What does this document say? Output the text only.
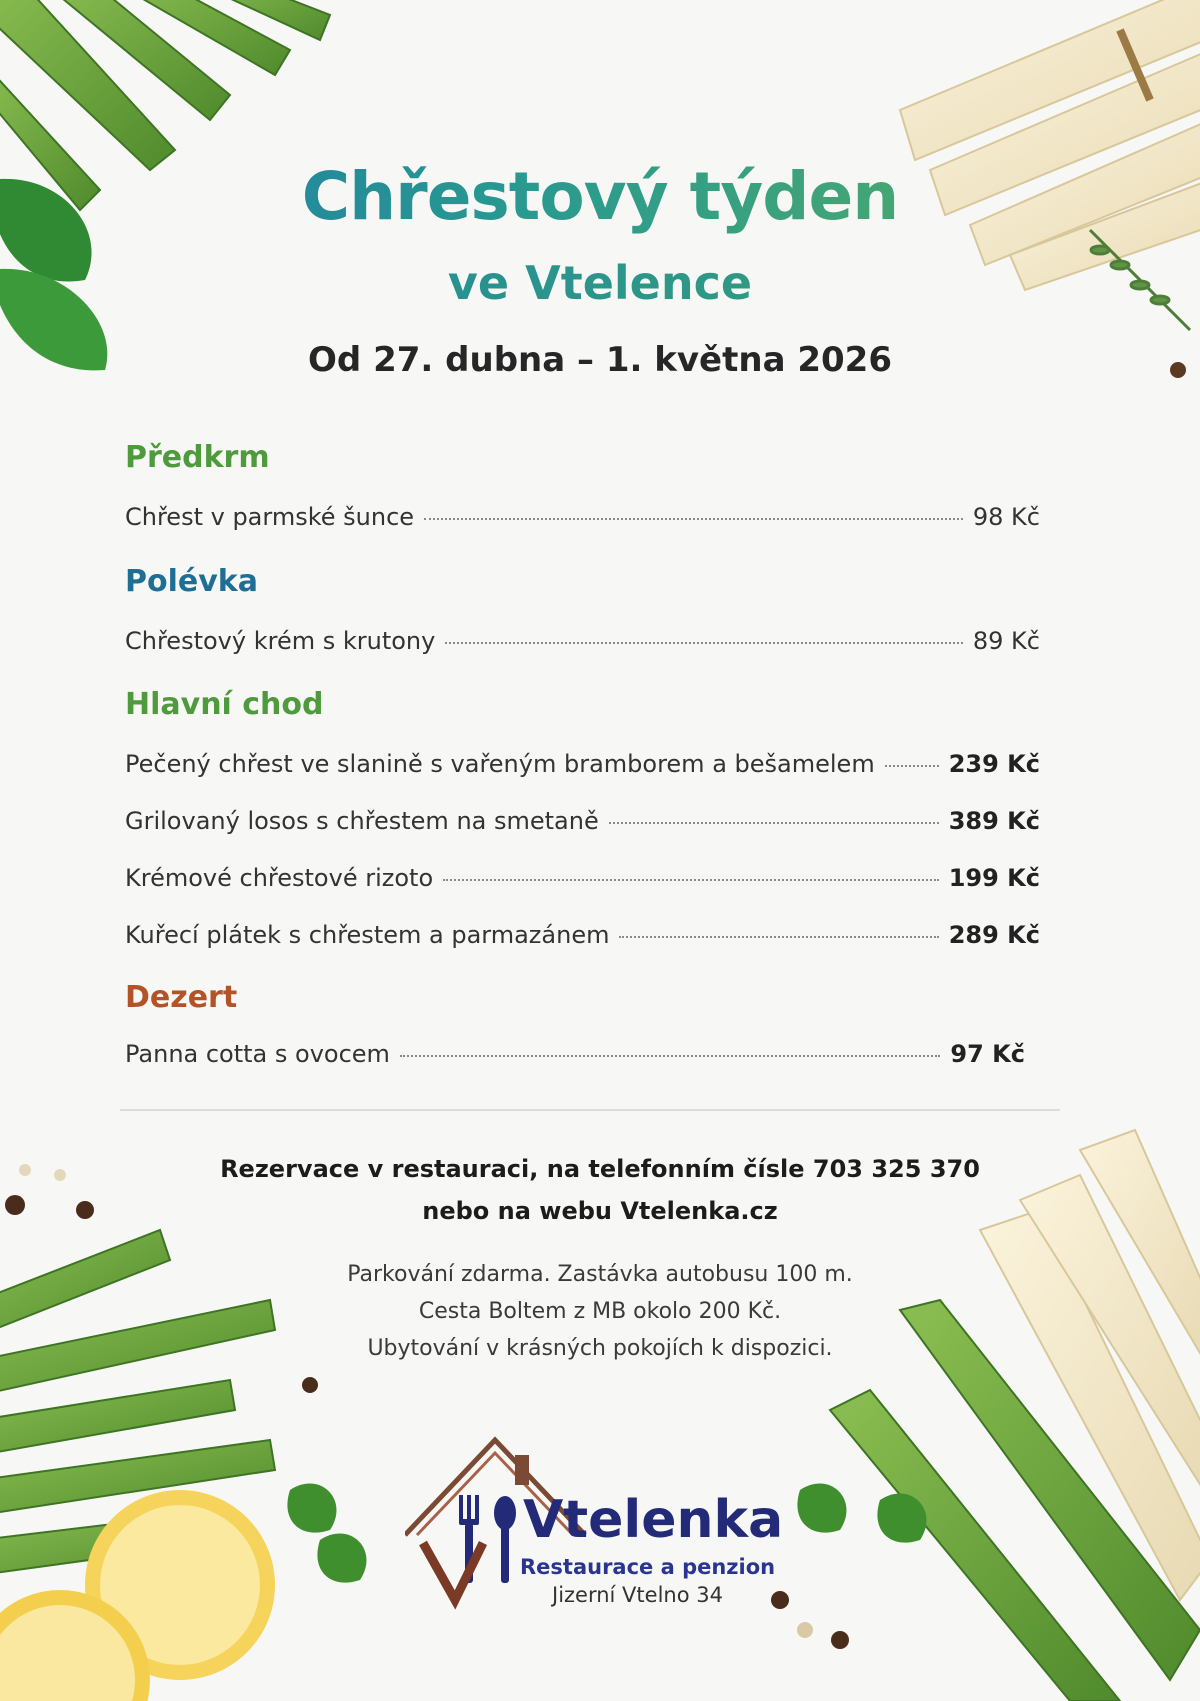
Chřestový týden
ve Vtelence
Od 27. dubna – 1. května 2026
Předkrm
Chřest v parmské šunce	98 Kč
Polévka
Chřestový krém s krutony	89 Kč
Hlavní chod
Pečený chřest ve slanině s vařeným bramborem a bešamelem	239 Kč
Grilovaný losos s chřestem na smetaně	389 Kč
Krémové chřestové rizoto	199 Kč
Kuřecí plátek s chřestem a parmazánem	289 Kč
Dezert
Panna cotta s ovocem	97 Kč
Rezervace v restauraci, na telefonním čísle 703 325 370
nebo na webu Vtelenka.cz
Parkování zdarma. Zastávka autobusu 100 m.
Cesta Boltem z MB okolo 200 Kč.
Ubytování v krásných pokojích k dispozici.
Vtelenka
Restaurace a penzion
Jizerní Vtelno 34
